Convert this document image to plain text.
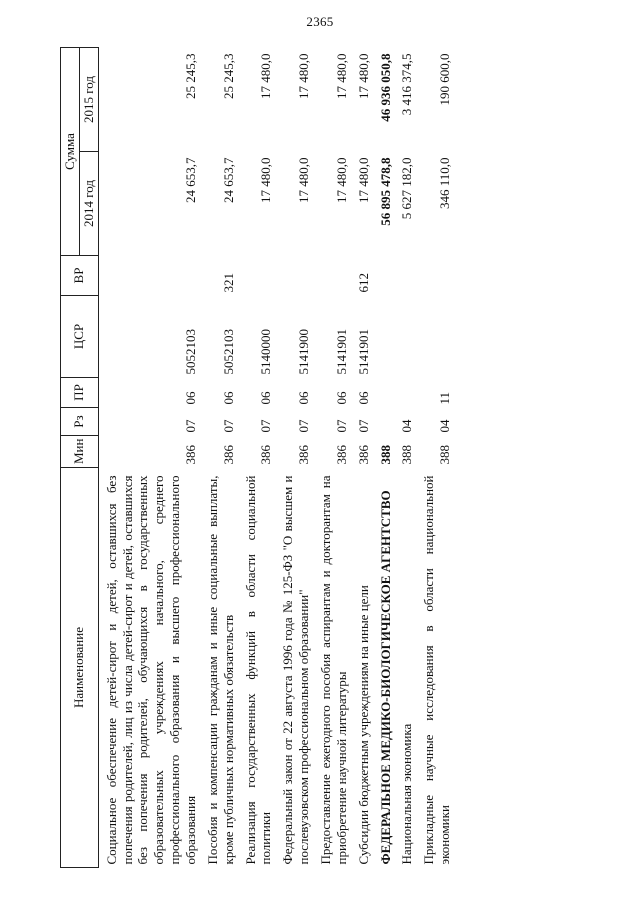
2365
Наименование	Мин	Рз	ПР	ЦСР	ВР	Сумма	
						2014 год	2015 год
Социальное обеспечение детей-сирот и детей, оставшихся без попечения родителей, лиц из числа детей-сирот и детей, оставшихся без попечения родителей, обучающихся в государственных образовательных учреждениях начального, среднего профессионального образования и высшего профессионального образования	386	07	06	5052103		24 653,7	25 245,3
Пособия и компенсации гражданам и иные социальные выплаты, кроме публичных нормативных обязательств	386	07	06	5052103	321	24 653,7	25 245,3
Реализация государственных функций в области социальной политики	386	07	06	5140000		17 480,0	17 480,0
Федеральный закон от 22 августа 1996 года № 125-ФЗ "О высшем и послевузовском профессиональном образовании"	386	07	06	5141900		17 480,0	17 480,0
Предоставление ежегодного пособия аспирантам и докторантам на приобретение научной литературы	386	07	06	5141901		17 480,0	17 480,0
Субсидии бюджетным учреждениям на иные цели	386	07	06	5141901	612	17 480,0	17 480,0
ФЕДЕРАЛЬНОЕ МЕДИКО-БИОЛОГИЧЕСКОЕ АГЕНТСТВО	388					56 895 478,8	46 936 050,8
Национальная экономика	388	04				5 627 182,0	3 416 374,5
Прикладные научные исследования в области национальной экономики	388	04	11			346 110,0	190 600,0
